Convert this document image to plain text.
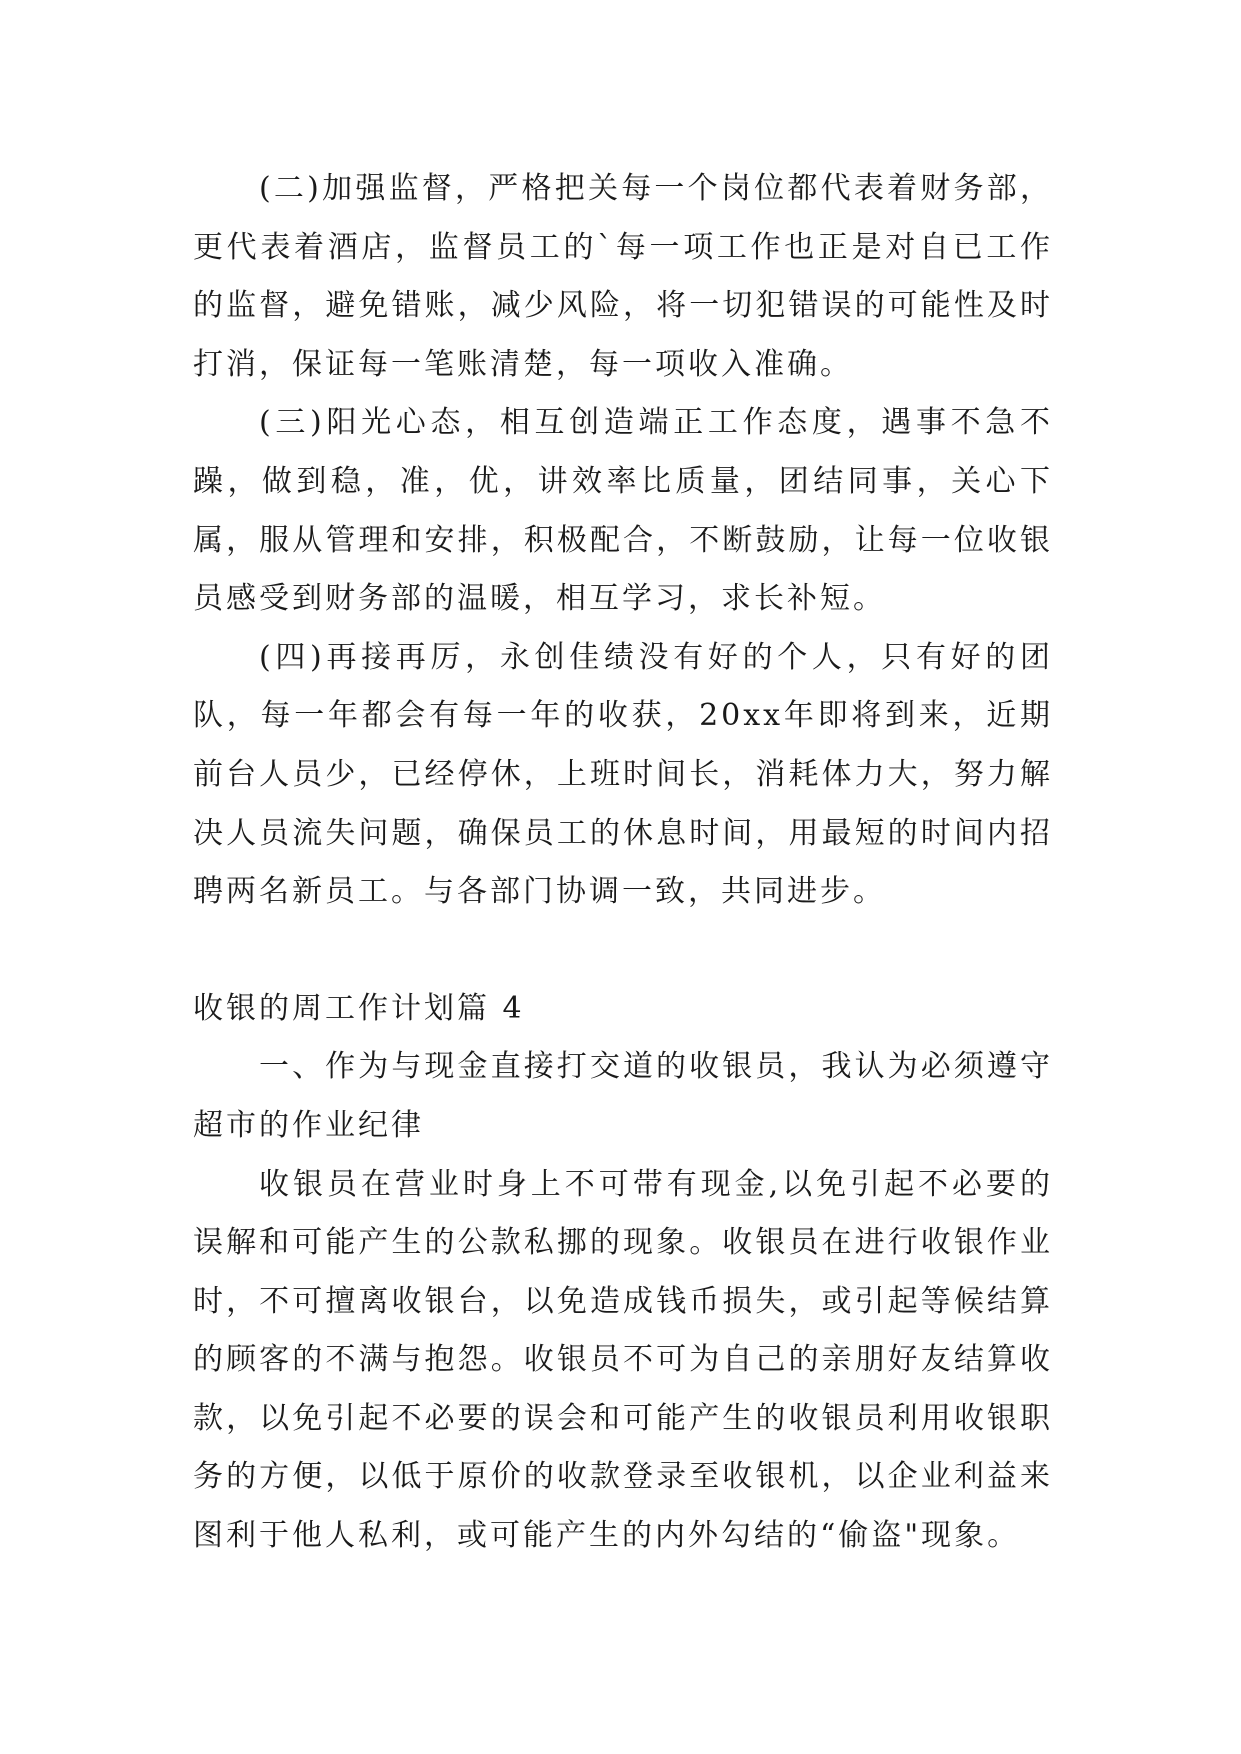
(二)加强监督，严格把关每一个岗位都代表着财务部，更代表着酒店，监督员工的`每一项工作也正是对自已工作的监督，避免错账，减少风险，将一切犯错误的可能性及时打消，保证每一笔账清楚，每一项收入准确。

(三)阳光心态，相互创造端正工作态度，遇事不急不躁，做到稳，准，优，讲效率比质量，团结同事，关心下属，服从管理和安排，积极配合，不断鼓励，让每一位收银员感受到财务部的温暖，相互学习，求长补短。

(四)再接再厉，永创佳绩没有好的个人，只有好的团队，每一年都会有每一年的收获，20xx年即将到来，近期前台人员少，已经停休，上班时间长，消耗体力大，努力解决人员流失问题，确保员工的休息时间，用最短的时间内招聘两名新员工。与各部门协调一致，共同进步。

收银的周工作计划篇 4

一、作为与现金直接打交道的收银员，我认为必须遵守超市的作业纪律

收银员在营业时身上不可带有现金,以免引起不必要的误解和可能产生的公款私挪的现象。收银员在进行收银作业时，不可擅离收银台，以免造成钱币损失，或引起等候结算的顾客的不满与抱怨。收银员不可为自己的亲朋好友结算收款，以免引起不必要的误会和可能产生的收银员利用收银职务的方便，以低于原价的收款登录至收银机，以企业利益来图利于他人私利，或可能产生的内外勾结的“偷盗"现象。
